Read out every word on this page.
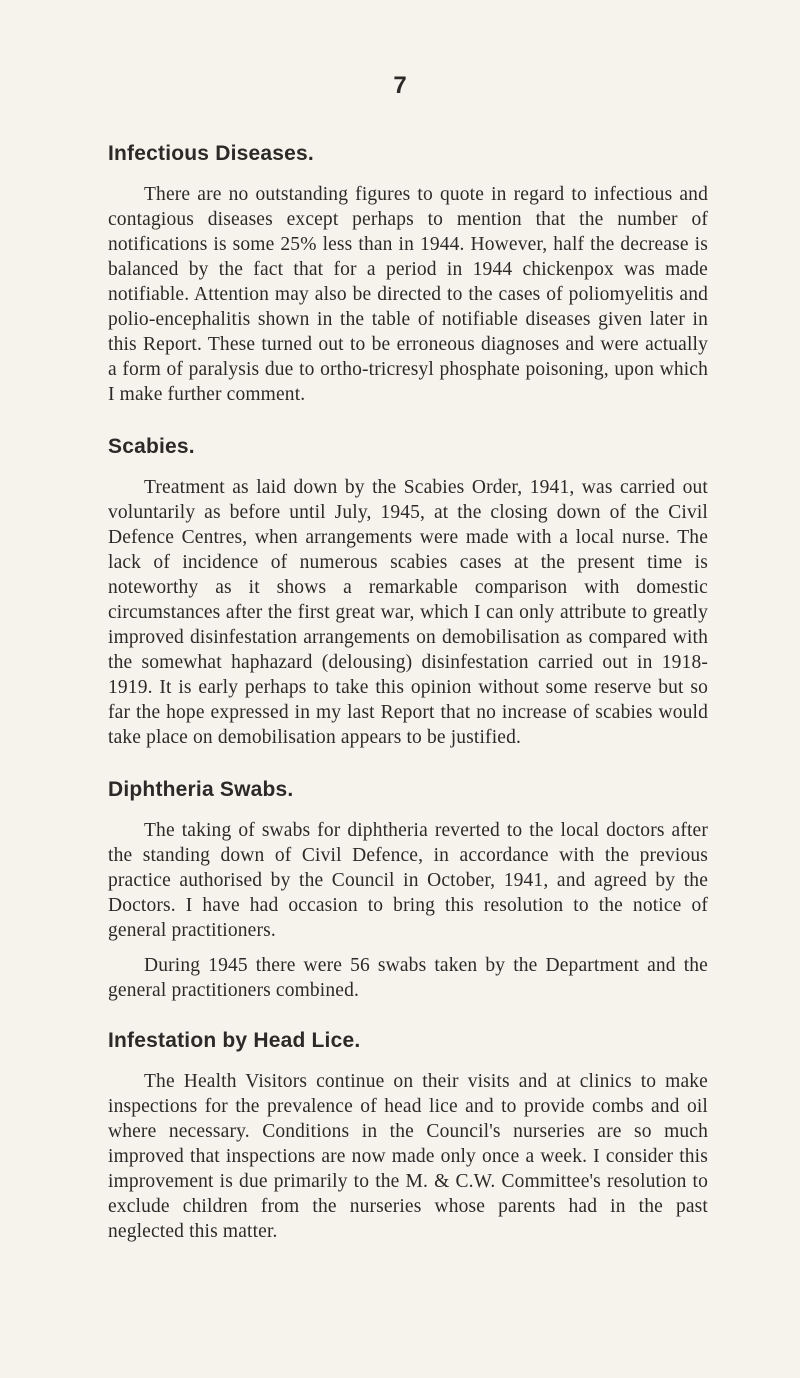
7
Infectious Diseases.

There are no outstanding figures to quote in regard to infectious and contagious diseases except perhaps to mention that the number of notifications is some 25% less than in 1944. However, half the decrease is balanced by the fact that for a period in 1944 chickenpox was made notifiable. Attention may also be directed to the cases of poliomyelitis and polio-encephalitis shown in the table of notifiable diseases given later in this Report. These turned out to be erroneous diagnoses and were actually a form of paralysis due to ortho-tricresyl phosphate poisoning, upon which I make further comment.

Scabies.

Treatment as laid down by the Scabies Order, 1941, was carried out voluntarily as before until July, 1945, at the closing down of the Civil Defence Centres, when arrangements were made with a local nurse. The lack of incidence of numerous scabies cases at the present time is noteworthy as it shows a remarkable comparison with domestic circumstances after the first great war, which I can only attribute to greatly improved disinfestation arrangements on demobilisation as compared with the somewhat haphazard (delousing) disinfestation carried out in 1918-1919. It is early perhaps to take this opinion without some reserve but so far the hope expressed in my last Report that no increase of scabies would take place on demobilisation appears to be justified.

Diphtheria Swabs.

The taking of swabs for diphtheria reverted to the local doctors after the standing down of Civil Defence, in accordance with the previous practice authorised by the Council in October, 1941, and agreed by the Doctors. I have had occasion to bring this resolution to the notice of general practitioners.

During 1945 there were 56 swabs taken by the Department and the general practitioners combined.

Infestation by Head Lice.

The Health Visitors continue on their visits and at clinics to make inspections for the prevalence of head lice and to provide combs and oil where necessary. Conditions in the Council's nurseries are so much improved that inspections are now made only once a week. I consider this improvement is due primarily to the M. & C.W. Committee's resolution to exclude children from the nurseries whose parents had in the past neglected this matter.
